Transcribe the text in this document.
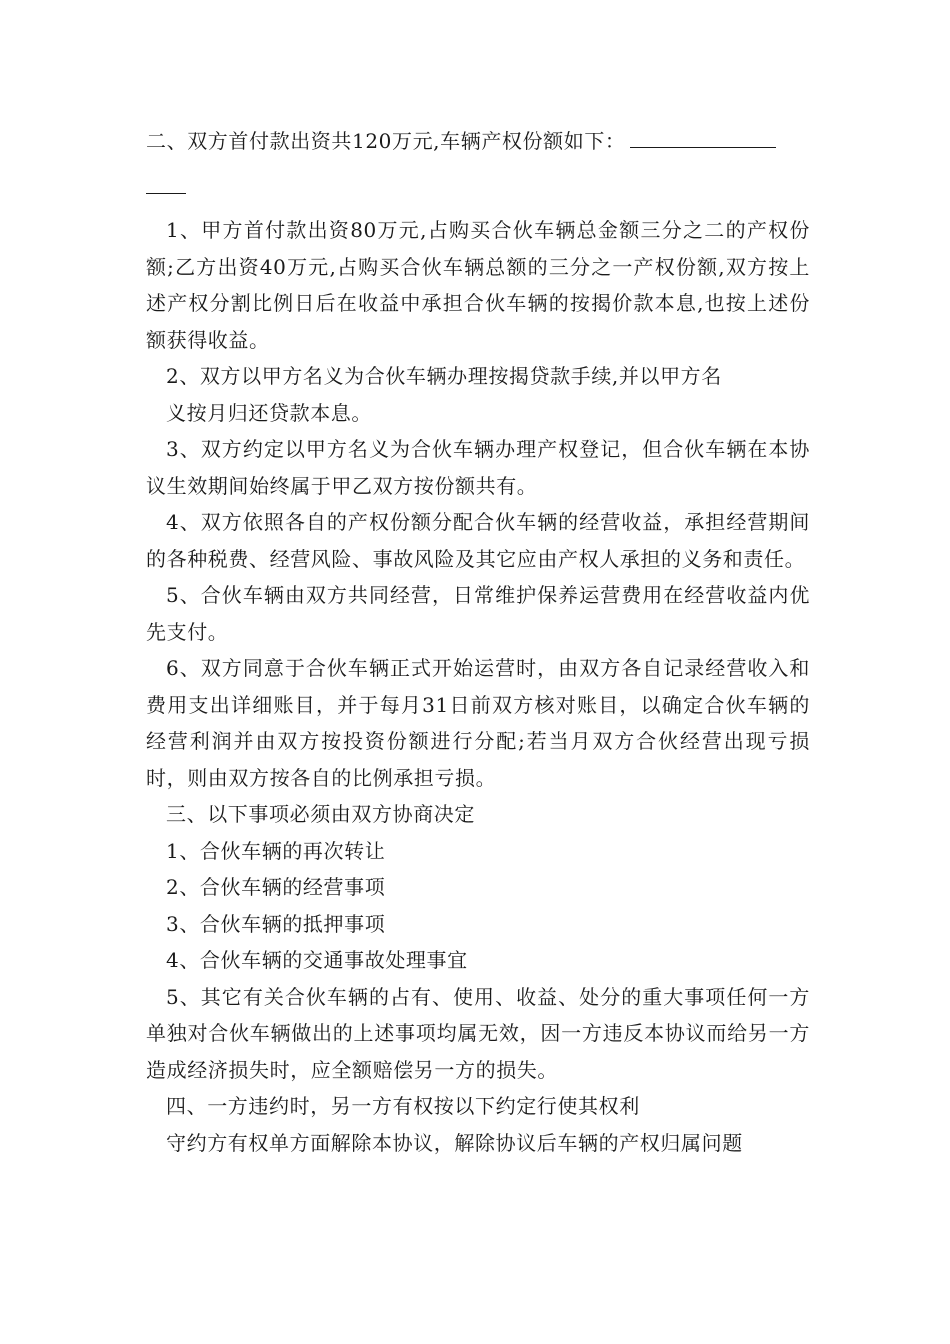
二、双方首付款出资共120万元,车辆产权份额如下：

1、甲方首付款出资80万元,占购买合伙车辆总金额三分之二的产权份额;乙方出资40万元,占购买合伙车辆总额的三分之一产权份额,双方按上述产权分割比例日后在收益中承担合伙车辆的按揭价款本息,也按上述份额获得收益。

2、双方以甲方名义为合伙车辆办理按揭贷款手续,并以甲方名

义按月归还贷款本息。

3、双方约定以甲方名义为合伙车辆办理产权登记，但合伙车辆在本协议生效期间始终属于甲乙双方按份额共有。

4、双方依照各自的产权份额分配合伙车辆的经营收益，承担经营期间的各种税费、经营风险、事故风险及其它应由产权人承担的义务和责任。

5、合伙车辆由双方共同经营，日常维护保养运营费用在经营收益内优先支付。

6、双方同意于合伙车辆正式开始运营时，由双方各自记录经营收入和费用支出详细账目，并于每月31日前双方核对账目，以确定合伙车辆的经营利润并由双方按投资份额进行分配;若当月双方合伙经营出现亏损时，则由双方按各自的比例承担亏损。

三、以下事项必须由双方协商决定

1、合伙车辆的再次转让

2、合伙车辆的经营事项

3、合伙车辆的抵押事项

4、合伙车辆的交通事故处理事宜

5、其它有关合伙车辆的占有、使用、收益、处分的重大事项任何一方单独对合伙车辆做出的上述事项均属无效，因一方违反本协议而给另一方造成经济损失时，应全额赔偿另一方的损失。

四、一方违约时，另一方有权按以下约定行使其权利

守约方有权单方面解除本协议，解除协议后车辆的产权归属问题
